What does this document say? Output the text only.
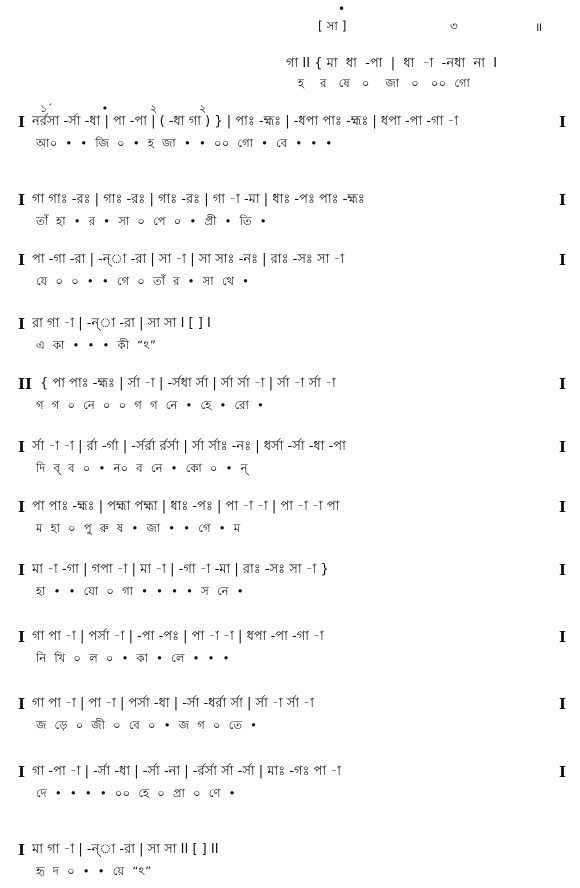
•
[ সা ]	৩	॥

গা II { মা  ধা  -পা  |  ধা  -া  -নধা  না  I

হ    র   ষে   ০    জা   ০   ০০  গো

১´              •            ২            ২
I নর্রসা -র্সা -ধা | পা -পা | ( -ধা গা ) } | পাঃ -হ্মঃ | -ধপা পাঃ -হ্মঃ | ধপা -পা -গা -া	I
আ০  •  •  জি  ০  •  হ  জা  •  •  ০০  গো  •  বে  •  •  •
I গা গাঃ -রঃ | গাঃ -রঃ | গাঃ -রঃ | গা -া -মা | ধাঃ -পঃ পাঃ -হ্মঃ	I
তাঁ  হা  •  র  •  সা  ০  পে  ০  •  প্রী  •  তি  •
I পা -গা -রা | -ন্া -রা | সা -া | সা সাঃ -নঃ | রাঃ -সঃ সা -া	I
যে  ০  ০  •  •  গে  ০  তাঁ  র  •  সা  থে  •
I রা গা -া | -ন্া -রা | সা সা I [ ] I
এ  কা  •  •  •  কী  “ঽ”
II { পা পাঃ -হ্মঃ | র্সা -া | -র্সধা র্সা | র্সা র্সা -া | র্সা -া র্সা -া	I
গ  গ  ০  নে  ০  ০  গ  গ  নে  •  হে  •  রো  •
I র্সা -া -া | র্রা -র্গা | -র্সর্রা র্রর্সা | র্সা র্সাঃ -নঃ | ধর্সা -র্সা -ধা -পা	I
দি  ব্  ব  ০  •  ন০  ব  নে  •  কো  ০  •  ন্
I পা পাঃ -হ্মঃ | পহ্মা পহ্মা | ধাঃ -পঃ | পা -া -া | পা -া -া পা	I
ম  হা  ০  পু  রু  ষ  •  জা  •  •  গে  •  ম
I মা -া -গা | গপা -া | মা -া | -গা -া -মা | রাঃ -সঃ সা -া }	I
হা  •  •  যো  ০  গা  •  •  •  •  স  নে  •
I গা পা -া | পর্সা -া | -পা -পঃ | পা -া -া | ধপা -পা -গা -া	I
নি  খি  ০  ল  ০  •  কা  •  লে  •  •  •
I গা পা -া | পা -া | পর্সা -ধা | -র্সা -ধর্রা র্সা | র্সা -া র্সা -া	I
জ  ড়ে  ০  জী  ০  বে  ০  •  জ  গ  ০  তে  •
I গা -পা -া | -র্সা -ধা | -র্সা -না | -র্রর্সা র্সা -র্সা | মাঃ -গঃ পা -া	I
দে  •  •  •  •  ০০  হে  ০  প্রা  ০  ণে  •
I মা গা -া | -ন্া -রা | সা সা II [ ] II
হৃ  দ  ০  •  •  য়ে  “ঽ”
